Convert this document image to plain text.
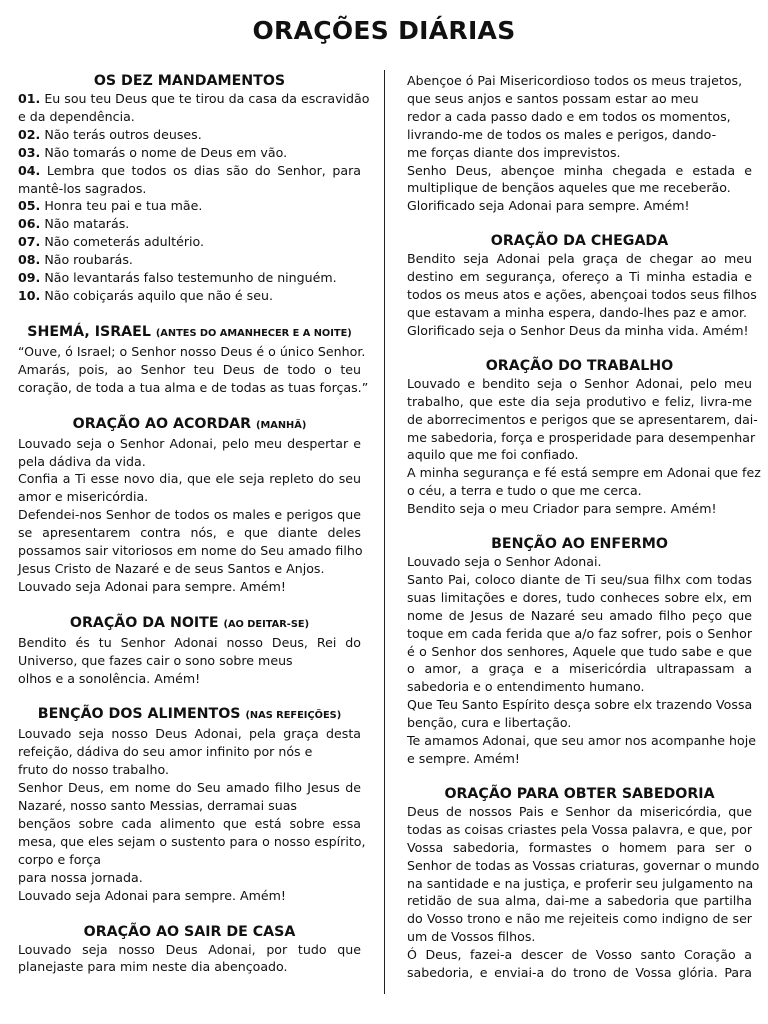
ORAÇÕES DIÁRIAS
OS DEZ MANDAMENTOS
01. Eu sou teu Deus que te tirou da casa da escravidão
e da dependência.
02. Não terás outros deuses.
03. Não tomarás o nome de Deus em vão.
04. Lembra que todos os dias são do Senhor, para
mantê-los sagrados.
05. Honra teu pai e tua mãe.
06. Não matarás.
07. Não cometerás adultério.
08. Não roubarás.
09. Não levantarás falso testemunho de ninguém.
10. Não cobiçarás aquilo que não é seu.
SHEMÁ, ISRAEL (ANTES DO AMANHECER E A NOITE)
“Ouve, ó Israel; o Senhor nosso Deus é o único Senhor.
Amarás, pois, ao Senhor teu Deus de todo o teu
coração, de toda a tua alma e de todas as tuas forças.”
ORAÇÃO AO ACORDAR (MANHÃ)
Louvado seja o Senhor Adonai, pelo meu despertar e
pela dádiva da vida.
Confia a Ti esse novo dia, que ele seja repleto do seu
amor e misericórdia.
Defendei-nos Senhor de todos os males e perigos que
se apresentarem contra nós, e que diante deles
possamos sair vitoriosos em nome do Seu amado filho
Jesus Cristo de Nazaré e de seus Santos e Anjos.
Louvado seja Adonai para sempre. Amém!
ORAÇÃO DA NOITE (AO DEITAR-SE)
Bendito és tu Senhor Adonai nosso Deus, Rei do
Universo, que fazes cair o sono sobre meus
olhos e a sonolência. Amém!
BENÇÃO DOS ALIMENTOS (NAS REFEIÇÕES)
Louvado seja nosso Deus Adonai, pela graça desta
refeição, dádiva do seu amor infinito por nós e
fruto do nosso trabalho.
Senhor Deus, em nome do Seu amado filho Jesus de
Nazaré, nosso santo Messias, derramai suas
bençãos sobre cada alimento que está sobre essa
mesa, que eles sejam o sustento para o nosso espírito,
corpo e força
para nossa jornada.
Louvado seja Adonai para sempre. Amém!
ORAÇÃO AO SAIR DE CASA
Louvado seja nosso Deus Adonai, por tudo que
planejaste para mim neste dia abençoado.
Abençoe ó Pai Misericordioso todos os meus trajetos,
que seus anjos e santos possam estar ao meu
redor a cada passo dado e em todos os momentos,
livrando-me de todos os males e perigos, dando-
me forças diante dos imprevistos.
Senho Deus, abençoe minha chegada e estada e
multiplique de bençãos aqueles que me receberão.
Glorificado seja Adonai para sempre. Amém!
ORAÇÃO DA CHEGADA
Bendito seja Adonai pela graça de chegar ao meu
destino em segurança, ofereço a Ti minha estadia e
todos os meus atos e ações, abençoai todos seus filhos
que estavam a minha espera, dando-lhes paz e amor.
Glorificado seja o Senhor Deus da minha vida. Amém!
ORAÇÃO DO TRABALHO
Louvado e bendito seja o Senhor Adonai, pelo meu
trabalho, que este dia seja produtivo e feliz, livra-me
de aborrecimentos e perigos que se apresentarem, dai-
me sabedoria, força e prosperidade para desempenhar
aquilo que me foi confiado.
A minha segurança e fé está sempre em Adonai que fez
o céu, a terra e tudo o que me cerca.
Bendito seja o meu Criador para sempre. Amém!
BENÇÃO AO ENFERMO
Louvado seja o Senhor Adonai.
Santo Pai, coloco diante de Ti seu/sua filhx com todas
suas limitações e dores, tudo conheces sobre elx, em
nome de Jesus de Nazaré seu amado filho peço que
toque em cada ferida que a/o faz sofrer, pois o Senhor
é o Senhor dos senhores, Aquele que tudo sabe e que
o amor, a graça e a misericórdia ultrapassam a
sabedoria e o entendimento humano.
Que Teu Santo Espírito desça sobre elx trazendo Vossa
benção, cura e libertação.
Te amamos Adonai, que seu amor nos acompanhe hoje
e sempre. Amém!
ORAÇÃO PARA OBTER SABEDORIA
Deus de nossos Pais e Senhor da misericórdia, que
todas as coisas criastes pela Vossa palavra, e que, por
Vossa sabedoria, formastes o homem para ser o
Senhor de todas as Vossas criaturas, governar o mundo
na santidade e na justiça, e proferir seu julgamento na
retidão de sua alma, dai-me a sabedoria que partilha
do Vosso trono e não me rejeiteis como indigno de ser
um de Vossos filhos.
Ó Deus, fazei-a descer de Vosso santo Coração a
sabedoria, e enviai-a do trono de Vossa glória. Para
